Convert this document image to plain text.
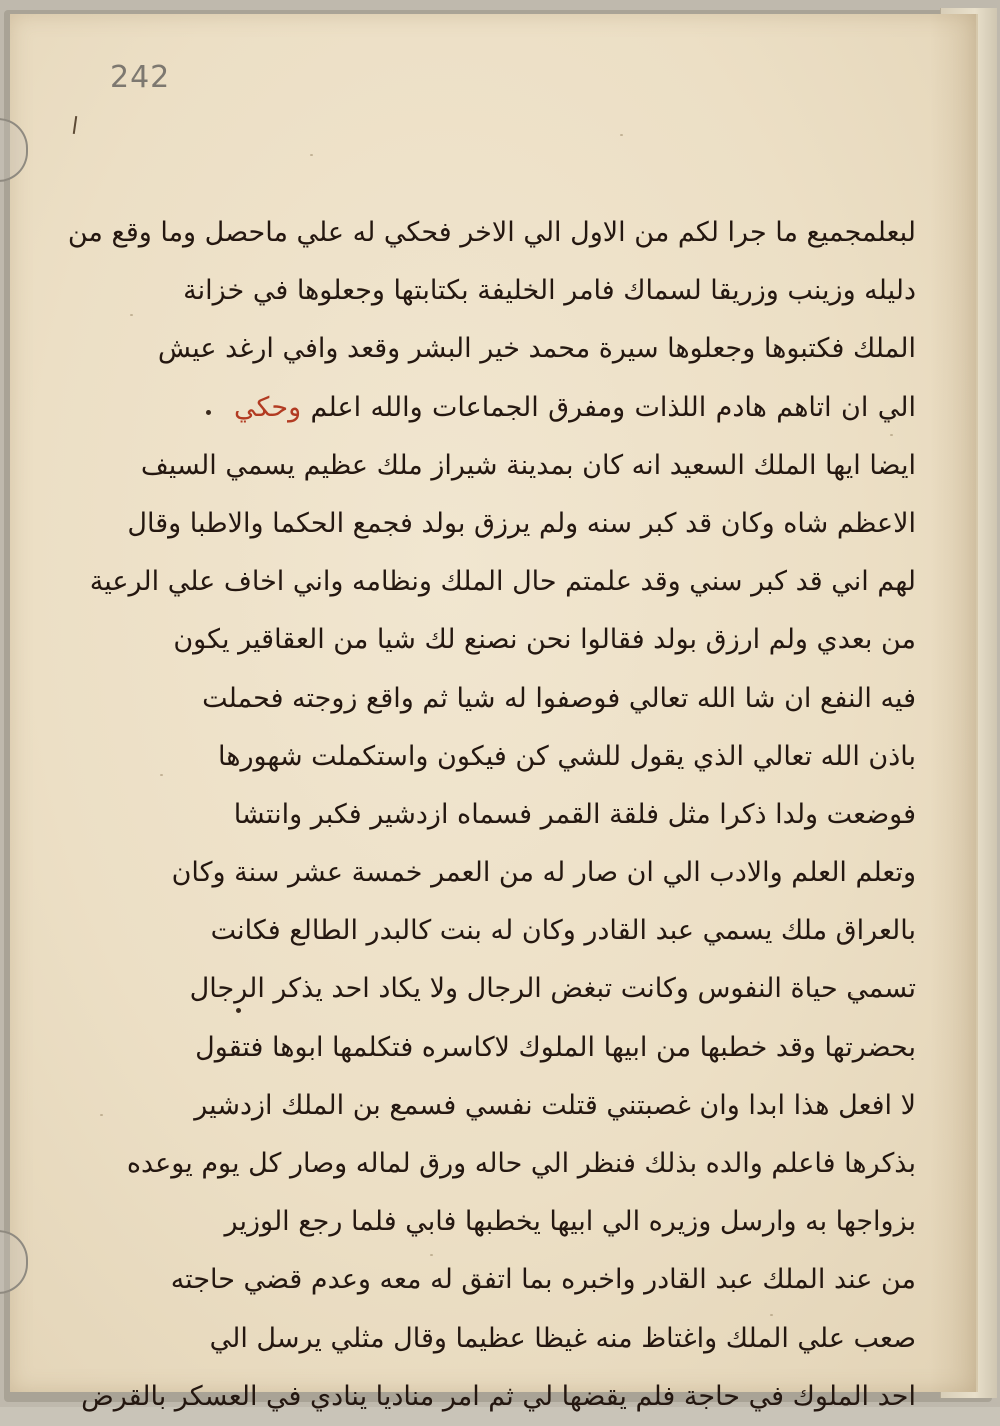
242
لبعلمجميع ما جرا لكم من الاول الي الاخر فحكي له علي ماحصل وما وقع من
دليله وزينب وزريقا لسماك فامر الخليفة بكتابتها وجعلوها في خزانة
الملك فكتبوها وجعلوها سيرة محمد خير البشر وقعد وافي ارغد عيش
الي ان اتاهم هادم اللذات ومفرق الجماعات والله اعلم وحكي
ايضا ايها الملك السعيد انه كان بمدينة شيراز ملك عظيم يسمي السيف
الاعظم شاه وكان قد كبر سنه ولم يرزق بولد فجمع الحكما والاطبا وقال
لهم اني قد كبر سني وقد علمتم حال الملك ونظامه واني اخاف علي الرعية
من بعدي ولم ارزق بولد فقالوا نحن نصنع لك شيا من العقاقير يكون
فيه النفع ان شا الله تعالي فوصفوا له شيا ثم واقع زوجته فحملت
باذن الله تعالي الذي يقول للشي كن فيكون واستكملت شهورها
فوضعت ولدا ذكرا مثل فلقة القمر فسماه ازدشير فكبر وانتشا
وتعلم العلم والادب الي ان صار له من العمر خمسة عشر سنة وكان
بالعراق ملك يسمي عبد القادر وكان له بنت كالبدر الطالع فكانت
تسمي حياة النفوس وكانت تبغض الرجال ولا يكاد احد يذكر الرجال
بحضرتها وقد خطبها من ابيها الملوك لاكاسره فتكلمها ابوها فتقول
لا افعل هذا ابدا وان غصبتني قتلت نفسي فسمع بن الملك ازدشير
بذكرها فاعلم والده بذلك فنظر الي حاله ورق لماله وصار كل يوم يوعده
بزواجها به وارسل وزيره الي ابيها يخطبها فابي فلما رجع الوزير
من عند الملك عبد القادر واخبره بما اتفق له معه وعدم قضي حاجته
صعب علي الملك واغتاظ منه غيظا عظيما وقال مثلي يرسل الي
احد الملوك في حاجة فلم يقضها لي ثم امر مناديا ينادي في العسكر بالقرض
